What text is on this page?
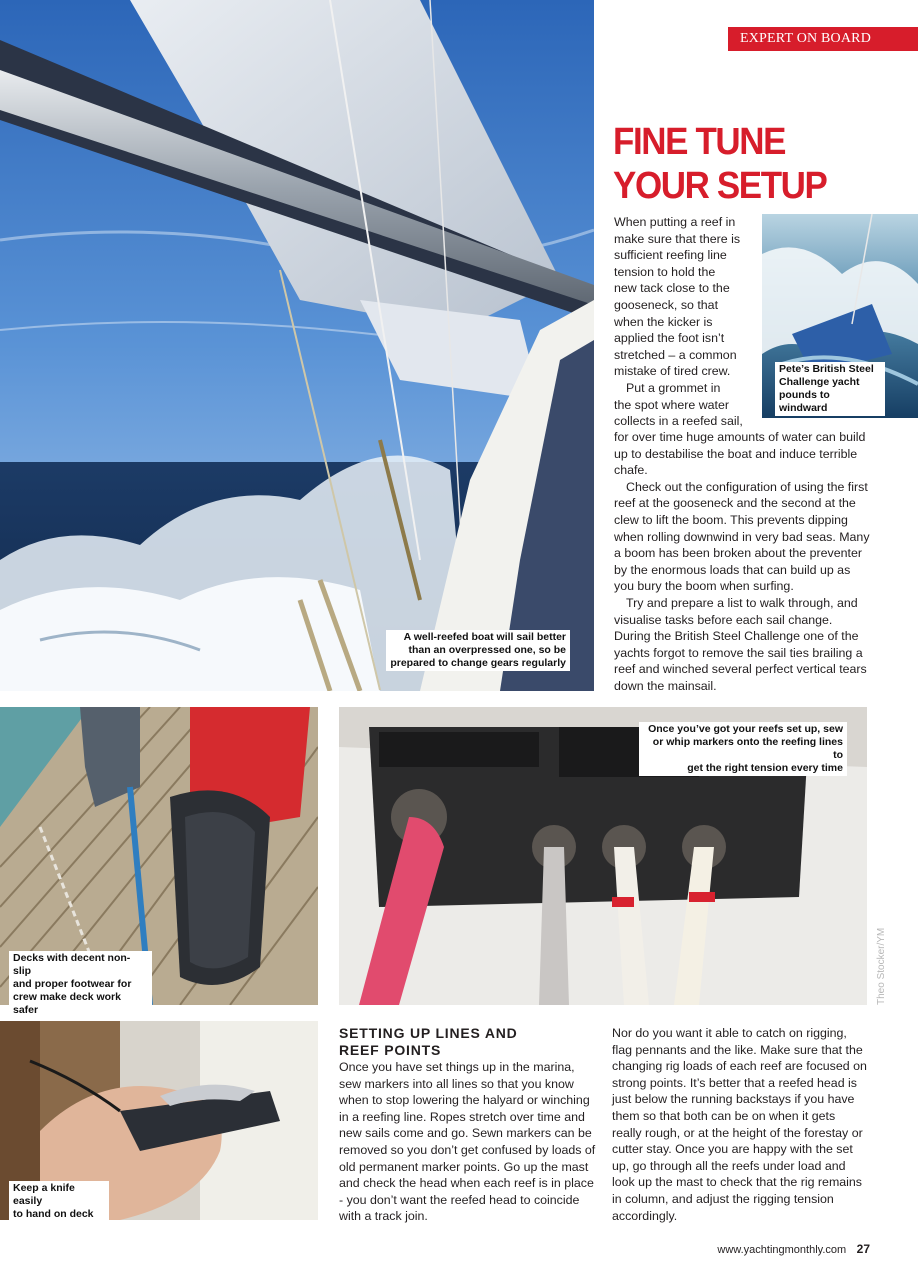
EXPERT ON BOARD
A well-reefed boat will sail better
than an overpressed one, so be
prepared to change gears regularly
FINE TUNE
YOUR SETUP
Pete’s British Steel
Challenge yacht
pounds to windward
When putting a reef in
make sure that there is
sufficient reefing line
tension to hold the
new tack close to the
gooseneck, so that
when the kicker is
applied the foot isn’t
stretched – a common
mistake of tired crew.
Put a grommet in
the spot where water
collects in a reefed sail,

for over time huge amounts of water can build up to destabilise the boat and induce terrible chafe.

Check out the configuration of using the first reef at the gooseneck and the second at the clew to lift the boom. This prevents dipping when rolling downwind in very bad seas. Many a boom has been broken about the preventer by the enormous loads that can build up as you bury the boom when surfing.

Try and prepare a list to walk through, and visualise tasks before each sail change. During the British Steel Challenge one of the yachts forgot to remove the sail ties brailing a reef and winched several perfect vertical tears down the mainsail.

Decks with decent non-slip
and proper footwear for
crew make deck work safer
Once you’ve got your reefs set up, sew
or whip markers onto the reefing lines to
get the right tension every time
Theo Stocker/YM
Keep a knife easily
to hand on deck
SETTING UP LINES AND
REEF POINTS

Once you have set things up in the marina, sew markers into all lines so that you know when to stop lowering the halyard or winching in a reefing line. Ropes stretch over time and new sails come and go. Sewn markers can be removed so you don’t get confused by loads of old permanent marker points. Go up the mast and check the head when each reef is in place - you don’t want the reefed head to coincide with a track join.

Nor do you want it able to catch on rigging, flag pennants and the like. Make sure that the changing rig loads of each reef are focused on strong points. It’s better that a reefed head is just below the running backstays if you have them so that both can be on when it gets really rough, or at the height of the forestay or cutter stay. Once you are happy with the set up, go through all the reefs under load and look up the mast to check that the rig remains in column, and adjust the rigging tension accordingly.

www.yachtingmonthly.com 27
